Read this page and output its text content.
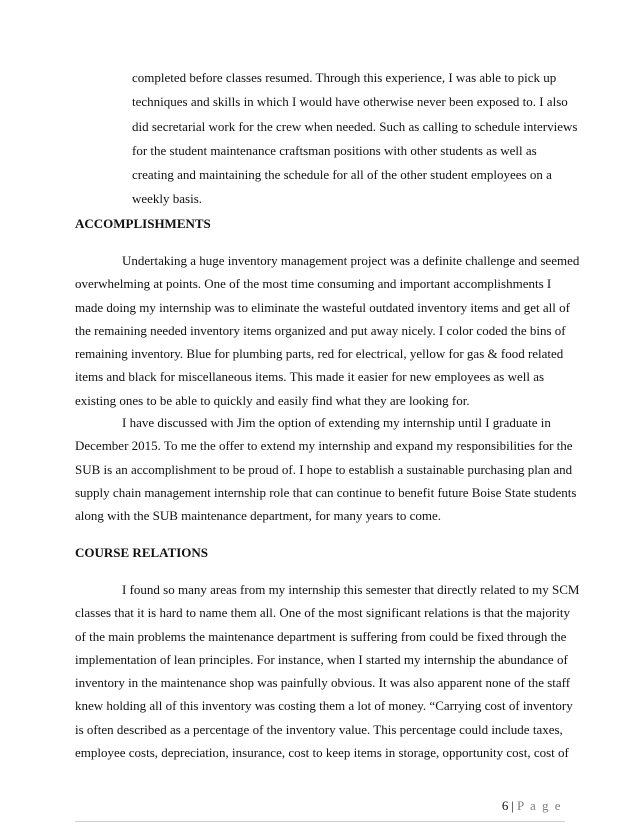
completed before classes resumed. Through this experience, I was able to pick up

techniques and skills in which I would have otherwise never been exposed to. I also

did secretarial work for the crew when needed. Such as calling to schedule interviews

for the student maintenance craftsman positions with other students as well as

creating and maintaining the schedule for all of the other student employees on a

weekly basis.

ACCOMPLISHMENTS

Undertaking a huge inventory management project was a definite challenge and seemed

overwhelming at points. One of the most time consuming and important accomplishments I

made doing my internship was to eliminate the wasteful outdated inventory items and get all of

the remaining needed inventory items organized and put away nicely. I color coded the bins of

remaining inventory. Blue for plumbing parts, red for electrical, yellow for gas & food related

items and black for miscellaneous items. This made it easier for new employees as well as

existing ones to be able to quickly and easily find what they are looking for.

I have discussed with Jim the option of extending my internship until I graduate in

December 2015. To me the offer to extend my internship and expand my responsibilities for the

SUB is an accomplishment to be proud of. I hope to establish a sustainable purchasing plan and

supply chain management internship role that can continue to benefit future Boise State students

along with the SUB maintenance department, for many years to come.

COURSE RELATIONS

I found so many areas from my internship this semester that directly related to my SCM

classes that it is hard to name them all. One of the most significant relations is that the majority

of the main problems the maintenance department is suffering from could be fixed through the

implementation of lean principles. For instance, when I started my internship the abundance of

inventory in the maintenance shop was painfully obvious. It was also apparent none of the staff

knew holding all of this inventory was costing them a lot of money. “Carrying cost of inventory

is often described as a percentage of the inventory value. This percentage could include taxes,

employee costs, depreciation, insurance, cost to keep items in storage, opportunity cost, cost of

6 | P a g e
